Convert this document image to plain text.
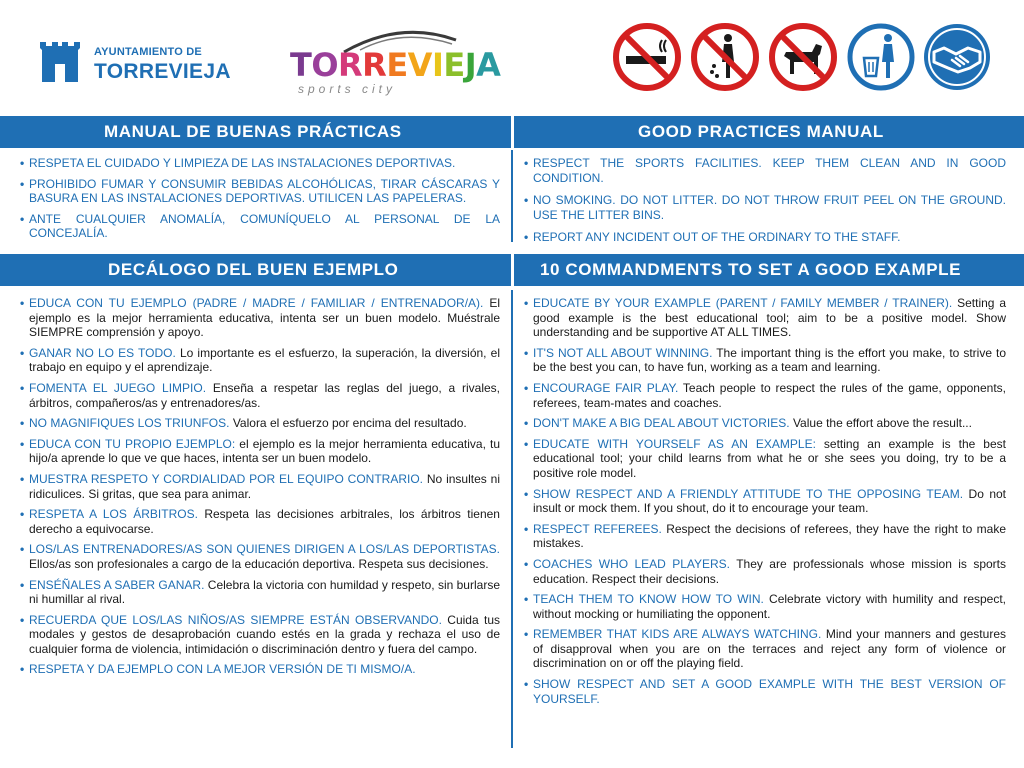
AYUNTAMIENTO DE
TORREVIEJA TORREVIEJA
sports city
MANUAL DE BUENAS PRÁCTICAS	GOOD PRACTICES MANUAL
• RESPETA EL CUIDADO Y LIMPIEZA DE LAS INSTALACIONES DEPORTIVAS.
• PROHIBIDO FUMAR Y CONSUMIR BEBIDAS ALCOHÓLICAS, TIRAR CÁSCARAS Y BASURA EN LAS INSTALACIONES DEPORTIVAS. UTILICEN LAS PAPELERAS.
• ANTE CUALQUIER ANOMALÍA, COMUNÍQUELO AL PERSONAL DE LA CONCEJALÍA.
• RESPECT THE SPORTS FACILITIES. KEEP THEM CLEAN AND IN GOOD CONDITION.
• NO SMOKING. DO NOT LITTER. DO NOT THROW FRUIT PEEL ON THE GROUND. USE THE LITTER BINS.
• REPORT ANY INCIDENT OUT OF THE ORDINARY TO THE STAFF.
DECÁLOGO DEL BUEN EJEMPLO	10 COMMANDMENTS TO SET A GOOD EXAMPLE
• EDUCA CON TU EJEMPLO (PADRE / MADRE / FAMILIAR / ENTRENADOR/A). El ejemplo es la mejor herramienta educativa, intenta ser un buen modelo. Muéstrale SIEMPRE comprensión y apoyo.
• GANAR NO LO ES TODO. Lo importante es el esfuerzo, la superación, la diversión, el trabajo en equipo y el aprendizaje.
• FOMENTA EL JUEGO LIMPIO. Enseña a respetar las reglas del juego, a rivales, árbitros, compañeros/as y entrenadores/as.
• NO MAGNIFIQUES LOS TRIUNFOS. Valora el esfuerzo por encima del resultado.
• EDUCA CON TU PROPIO EJEMPLO: el ejemplo es la mejor herramienta educativa, tu hijo/a aprende lo que ve que haces, intenta ser un buen modelo.
• MUESTRA RESPETO Y CORDIALIDAD POR EL EQUIPO CONTRARIO. No insultes ni ridiculices. Si gritas, que sea para animar.
• RESPETA A LOS ÁRBITROS. Respeta las decisiones arbitrales, los árbitros tienen derecho a equivocarse.
• LOS/LAS ENTRENADORES/AS SON QUIENES DIRIGEN A LOS/LAS DEPORTISTAS. Ellos/as son profesionales a cargo de la educación deportiva. Respeta sus decisiones.
• ENSÉÑALES A SABER GANAR. Celebra la victoria con humildad y respeto, sin burlarse ni humillar al rival.
• RECUERDA QUE LOS/LAS NIÑOS/AS SIEMPRE ESTÁN OBSERVANDO. Cuida tus modales y gestos de desaprobación cuando estés en la grada y rechaza el uso de cualquier forma de violencia, intimidación o discriminación dentro y fuera del campo.
• RESPETA Y DA EJEMPLO CON LA MEJOR VERSIÓN DE TI MISMO/A.
• EDUCATE BY YOUR EXAMPLE (PARENT / FAMILY MEMBER / TRAINER). Setting a good example is the best educational tool; aim to be a positive model. Show understanding and be supportive AT ALL TIMES.
• IT'S NOT ALL ABOUT WINNING. The important thing is the effort you make, to strive to be the best you can, to have fun, working as a team and learning.
• ENCOURAGE FAIR PLAY. Teach people to respect the rules of the game, opponents, referees, team-mates and coaches.
• DON'T MAKE A BIG DEAL ABOUT VICTORIES. Value the effort above the result...
• EDUCATE WITH YOURSELF AS AN EXAMPLE: setting an example is the best educational tool; your child learns from what he or she sees you doing, try to be a positive role model.
• SHOW RESPECT AND A FRIENDLY ATTITUDE TO THE OPPOSING TEAM. Do not insult or mock them. If you shout, do it to encourage your team.
• RESPECT REFEREES. Respect the decisions of referees, they have the right to make mistakes.
• COACHES WHO LEAD PLAYERS. They are professionals whose mission is sports education. Respect their decisions.
• TEACH THEM TO KNOW HOW TO WIN. Celebrate victory with humility and respect, without mocking or humiliating the opponent.
• REMEMBER THAT KIDS ARE ALWAYS WATCHING. Mind your manners and gestures of disapproval when you are on the terraces and reject any form of violence or discrimination on or off the playing field.
• SHOW RESPECT AND SET A GOOD EXAMPLE WITH THE BEST VERSION OF YOURSELF.
